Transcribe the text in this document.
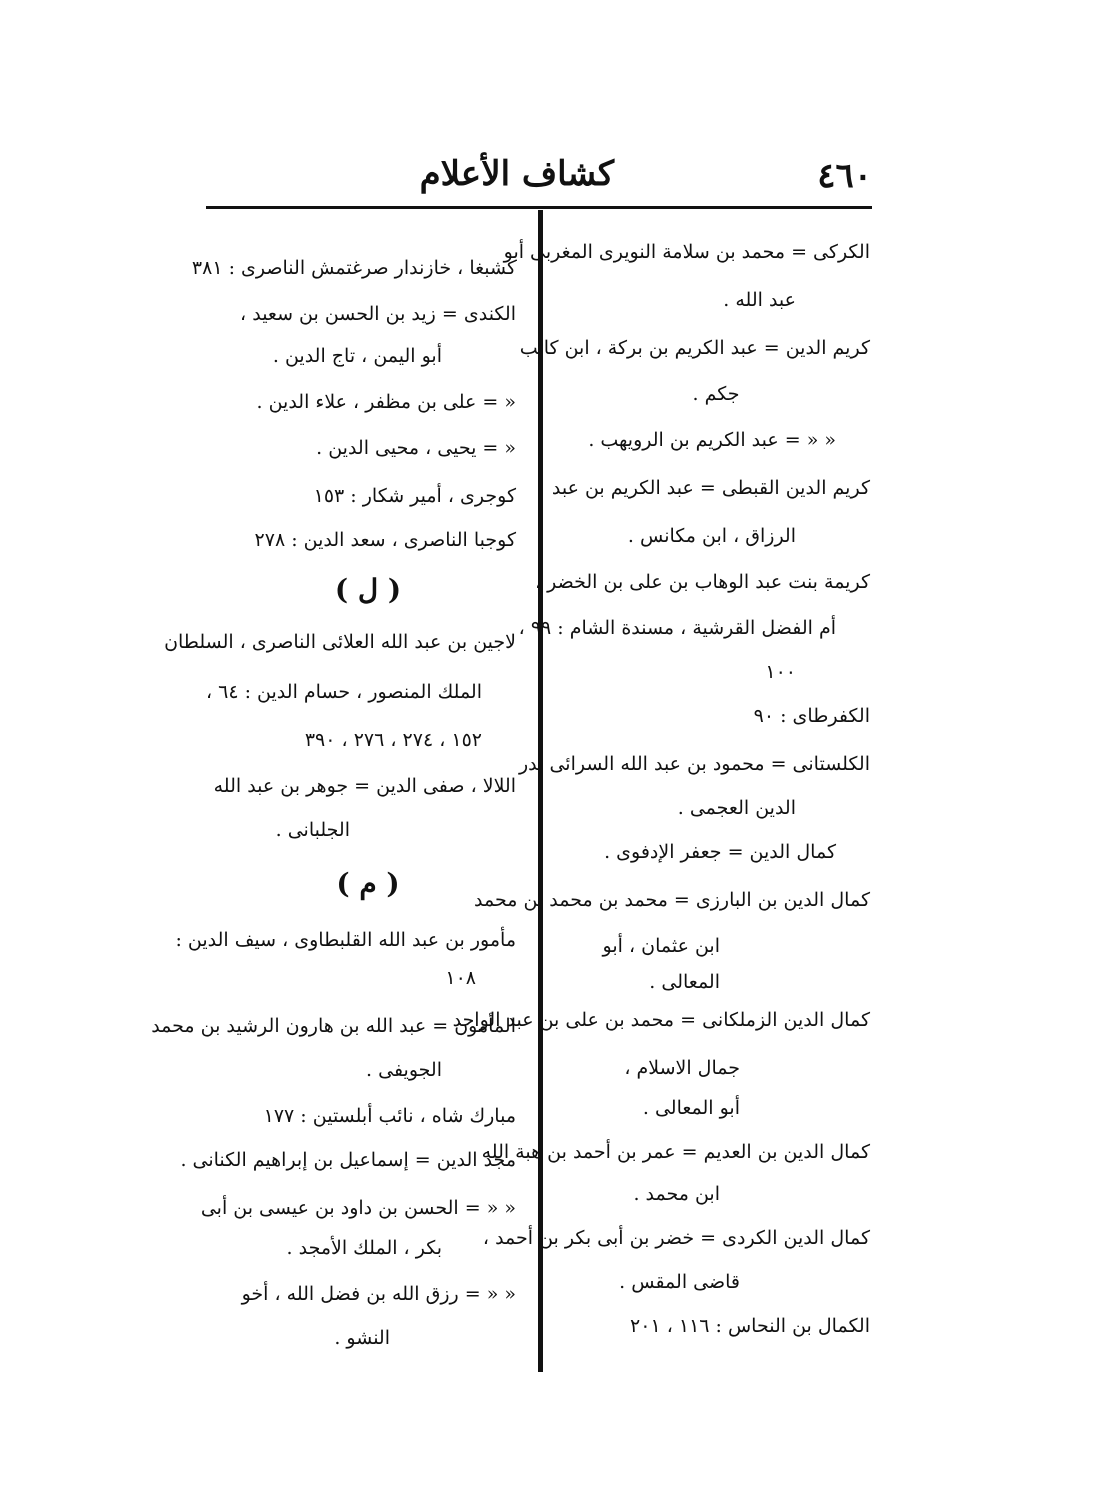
٤٦٠
كشاف الأعلام
الكركى = محمد بن سلامة النويرى المغربى أبو
عبد الله .
كريم الدين = عبد الكريم بن بركة ، ابن كاتب
جكم .
« « = عبد الكريم بن الرويهب .
كريم الدين القبطى = عبد الكريم بن عبد
الرزاق ، ابن مكانس .
كريمة بنت عبد الوهاب بن على بن الخضر ،
أم الفضل القرشية ، مسندة الشام : ٩٩ ،
١٠٠
الكفرطاى : ٩٠
الكلستانى = محمود بن عبد الله السرائى بدر
الدين العجمى .
كمال الدين = جعفر الإدفوى .
كمال الدين بن البارزى = محمد بن محمد بن محمد
ابن عثمان ، أبو
المعالى .
كمال الدين الزملكانى = محمد بن على بن عبد الواحد
جمال الاسلام ،
أبو المعالى .
كمال الدين بن العديم = عمر بن أحمد بن هبة الله
ابن محمد .
كمال الدين الكردى = خضر بن أبى بكر بن أحمد ،
قاضى المقس .
الكمال بن النحاس : ١١٦ ، ٢٠١
كشبغا ، خازندار صرغتمش الناصرى : ٣٨١
الكندى = زيد بن الحسن بن سعيد ،
أبو اليمن ، تاج الدين .
« = على بن مظفر ، علاء الدين .
« = يحيى ، محيى الدين .
كوجرى ، أمير شكار : ١٥٣
كوجبا الناصرى ، سعد الدين : ٢٧٨
( ل )
لاجين بن عبد الله العلائى الناصرى ، السلطان
الملك المنصور ، حسام الدين : ٦٤ ،
١٥٢ ، ٢٧٤ ، ٢٧٦ ، ٣٩٠
اللالا ، صفى الدين = جوهر بن عبد الله
الجلبانى .
( م )
مأمور بن عبد الله القلبطاوى ، سيف الدين :
١٠٨
المأمون = عبد الله بن هارون الرشيد بن محمد
الجويفى .
مبارك شاه ، نائب أبلستين : ١٧٧
مجد الدين = إسماعيل بن إبراهيم الكنانى .
« « = الحسن بن داود بن عيسى بن أبى
بكر ، الملك الأمجد .
« « = رزق الله بن فضل الله ، أخو
النشو .
